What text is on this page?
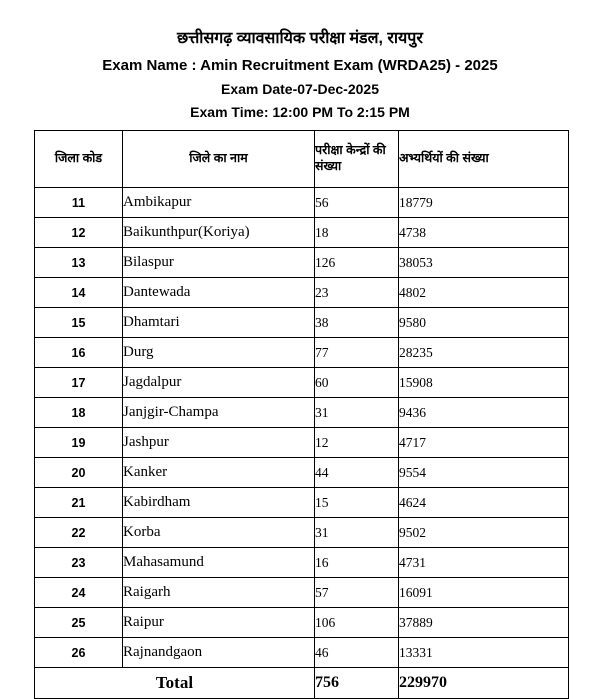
छत्तीसगढ़ व्यावसायिक परीक्षा मंडल, रायपुर
Exam Name : Amin Recruitment Exam (WRDA25) - 2025
Exam Date-07-Dec-2025
Exam Time: 12:00 PM To 2:15 PM
जिला कोड	जिले का नाम	परीक्षा केन्द्रों की संख्या	अभ्यर्थियों की संख्या
11	Ambikapur	56	18779
12	Baikunthpur(Koriya)	18	4738
13	Bilaspur	126	38053
14	Dantewada	23	4802
15	Dhamtari	38	9580
16	Durg	77	28235
17	Jagdalpur	60	15908
18	Janjgir-Champa	31	9436
19	Jashpur	12	4717
20	Kanker	44	9554
21	Kabirdham	15	4624
22	Korba	31	9502
23	Mahasamund	16	4731
24	Raigarh	57	16091
25	Raipur	106	37889
26	Rajnandgaon	46	13331
Total		756	229970
